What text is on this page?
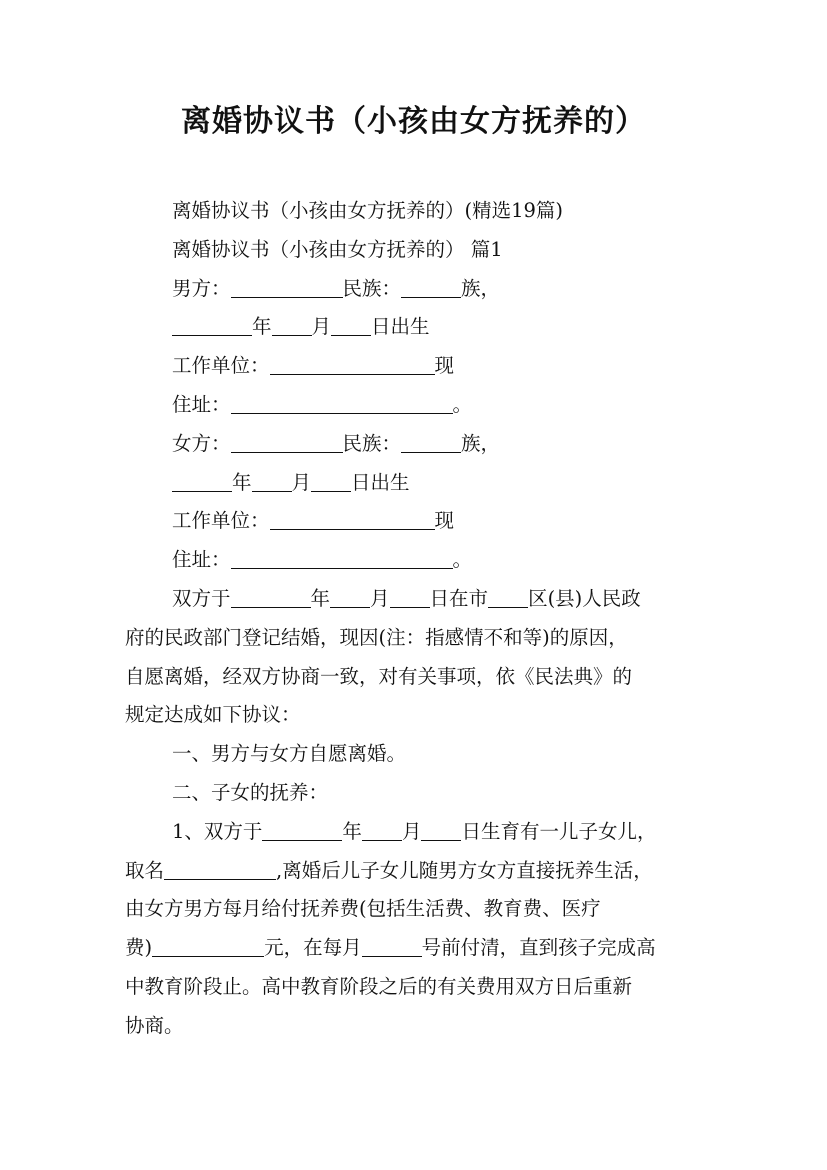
离婚协议书（小孩由女方抚养的）
离婚协议书（小孩由女方抚养的）(精选19篇)
离婚协议书（小孩由女方抚养的） 篇1
男方：	民族：	族，
年 月 日出生
工作单位：	现
住址：	。
女方：	民族：	族，
年 月 日出生
工作单位：	现
住址：	。
双方于	年 月 日在市 区(县)人民政
府的民政部门登记结婚，现因(注：指感情不和等)的原因，
自愿离婚，经双方协商一致，对有关事项，依《民法典》的
规定达成如下协议：
一、男方与女方自愿离婚。
二、子女的抚养：
1、双方于	年 月 日生育有一儿子女儿，
取名	,离婚后儿子女儿随男方女方直接抚养生活，
由女方男方每月给付抚养费(包括生活费、教育费、医疗
费)	元，在每月	号前付清，直到孩子完成高
中教育阶段止。高中教育阶段之后的有关费用双方日后重新
协商。
